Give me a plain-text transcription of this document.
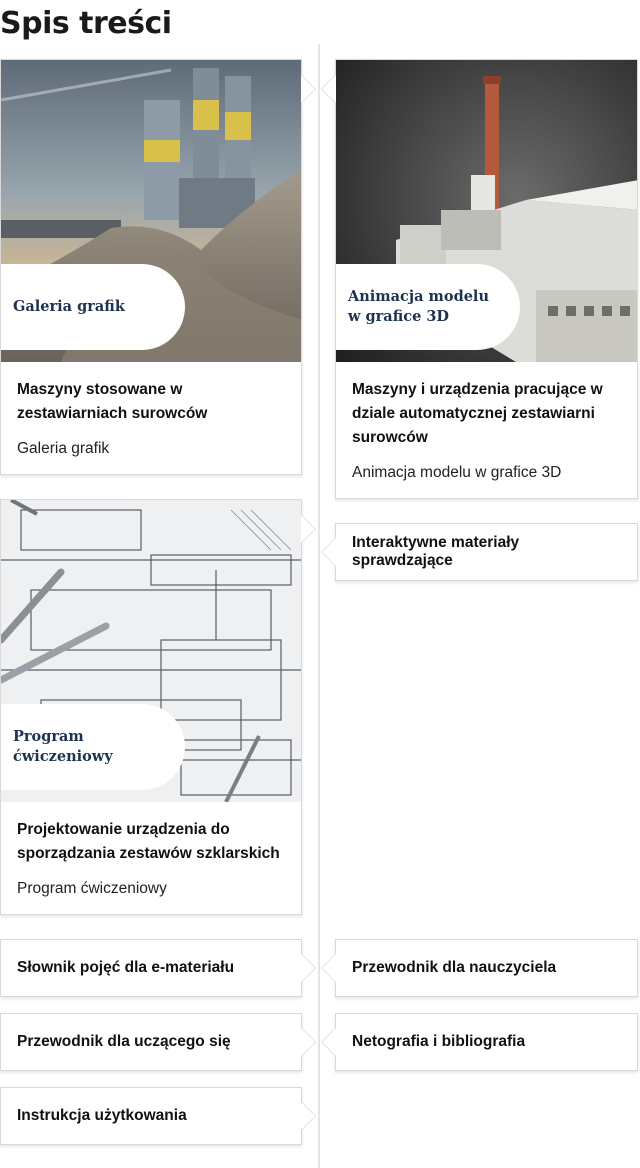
Spis treści
Galeria grafik
Maszyny stosowane w zestawiarniach surowców
Galeria grafik
Animacja modelu
w grafice 3D
Maszyny i urządzenia pracujące w dziale automatycznej zestawiarni surowców
Animacja modelu w grafice 3D
Interaktywne materiały sprawdzające
Program ćwiczeniowy
Projektowanie urządzenia do sporządzania zestawów szklarskich
Program ćwiczeniowy
Słownik pojęć dla e-materiału	Przewodnik dla nauczyciela
Przewodnik dla uczącego się	Netografia i bibliografia
Instrukcja użytkowania
